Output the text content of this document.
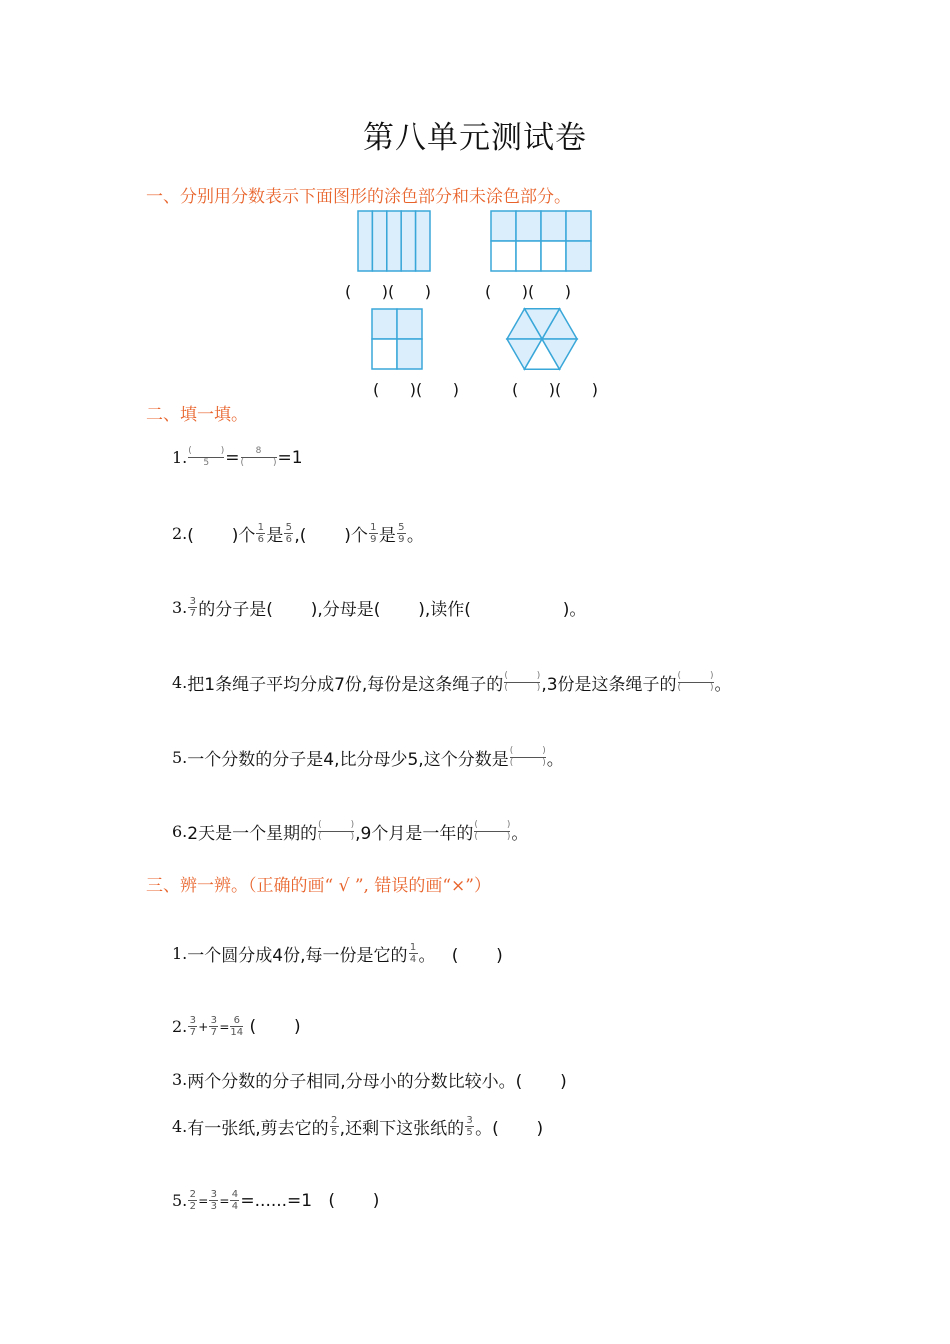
第八单元测试卷
一、分别用分数表示下面图形的涂色部分和未涂色部分。
(      )(      )	(      )(      )
(      )(      )	(      )(      )
二、填一填。
1. (	)
5 = 8
(	) =1
2. (       )个 $\frac{1}{6}$ 是 $\frac{5}{6}$ ,(       )个 $\frac{1}{9}$ 是 $\frac{5}{9}$ 。
3. $\frac{3}{7}$ 的分子是(       ),分母是(       ),读作(                 )。
4. 把1条绳子平均分成7份,每份是这条绳子的 (	)
(	) ,3份是这条绳子的 (	)
(	) 。
5. 一个分数的分子是4,比分母少5,这个分数是 (	)
(	) 。
6. 2天是一个星期的 (	)
(	) ,9个月是一年的 (	)
(	) 。
三、辨一辨。（正确的画“ √ ”, 错误的画“×”）
1. 一个圆分成4份,每一份是它的 $\frac{1}{4}$ 。   (       )
2. $\frac{3}{7} + \frac{3}{7} = \frac{6}{14}$ (       )
3. 两个分数的分子相同,分母小的分数比较小。(       )
4. 有一张纸,剪去它的 $\frac{2}{5}$ ,还剩下这张纸的 $\frac{3}{5}$ 。(       )
5. $\frac{2}{2} = \frac{3}{3} = \frac{4}{4} =......=1$   (       )
